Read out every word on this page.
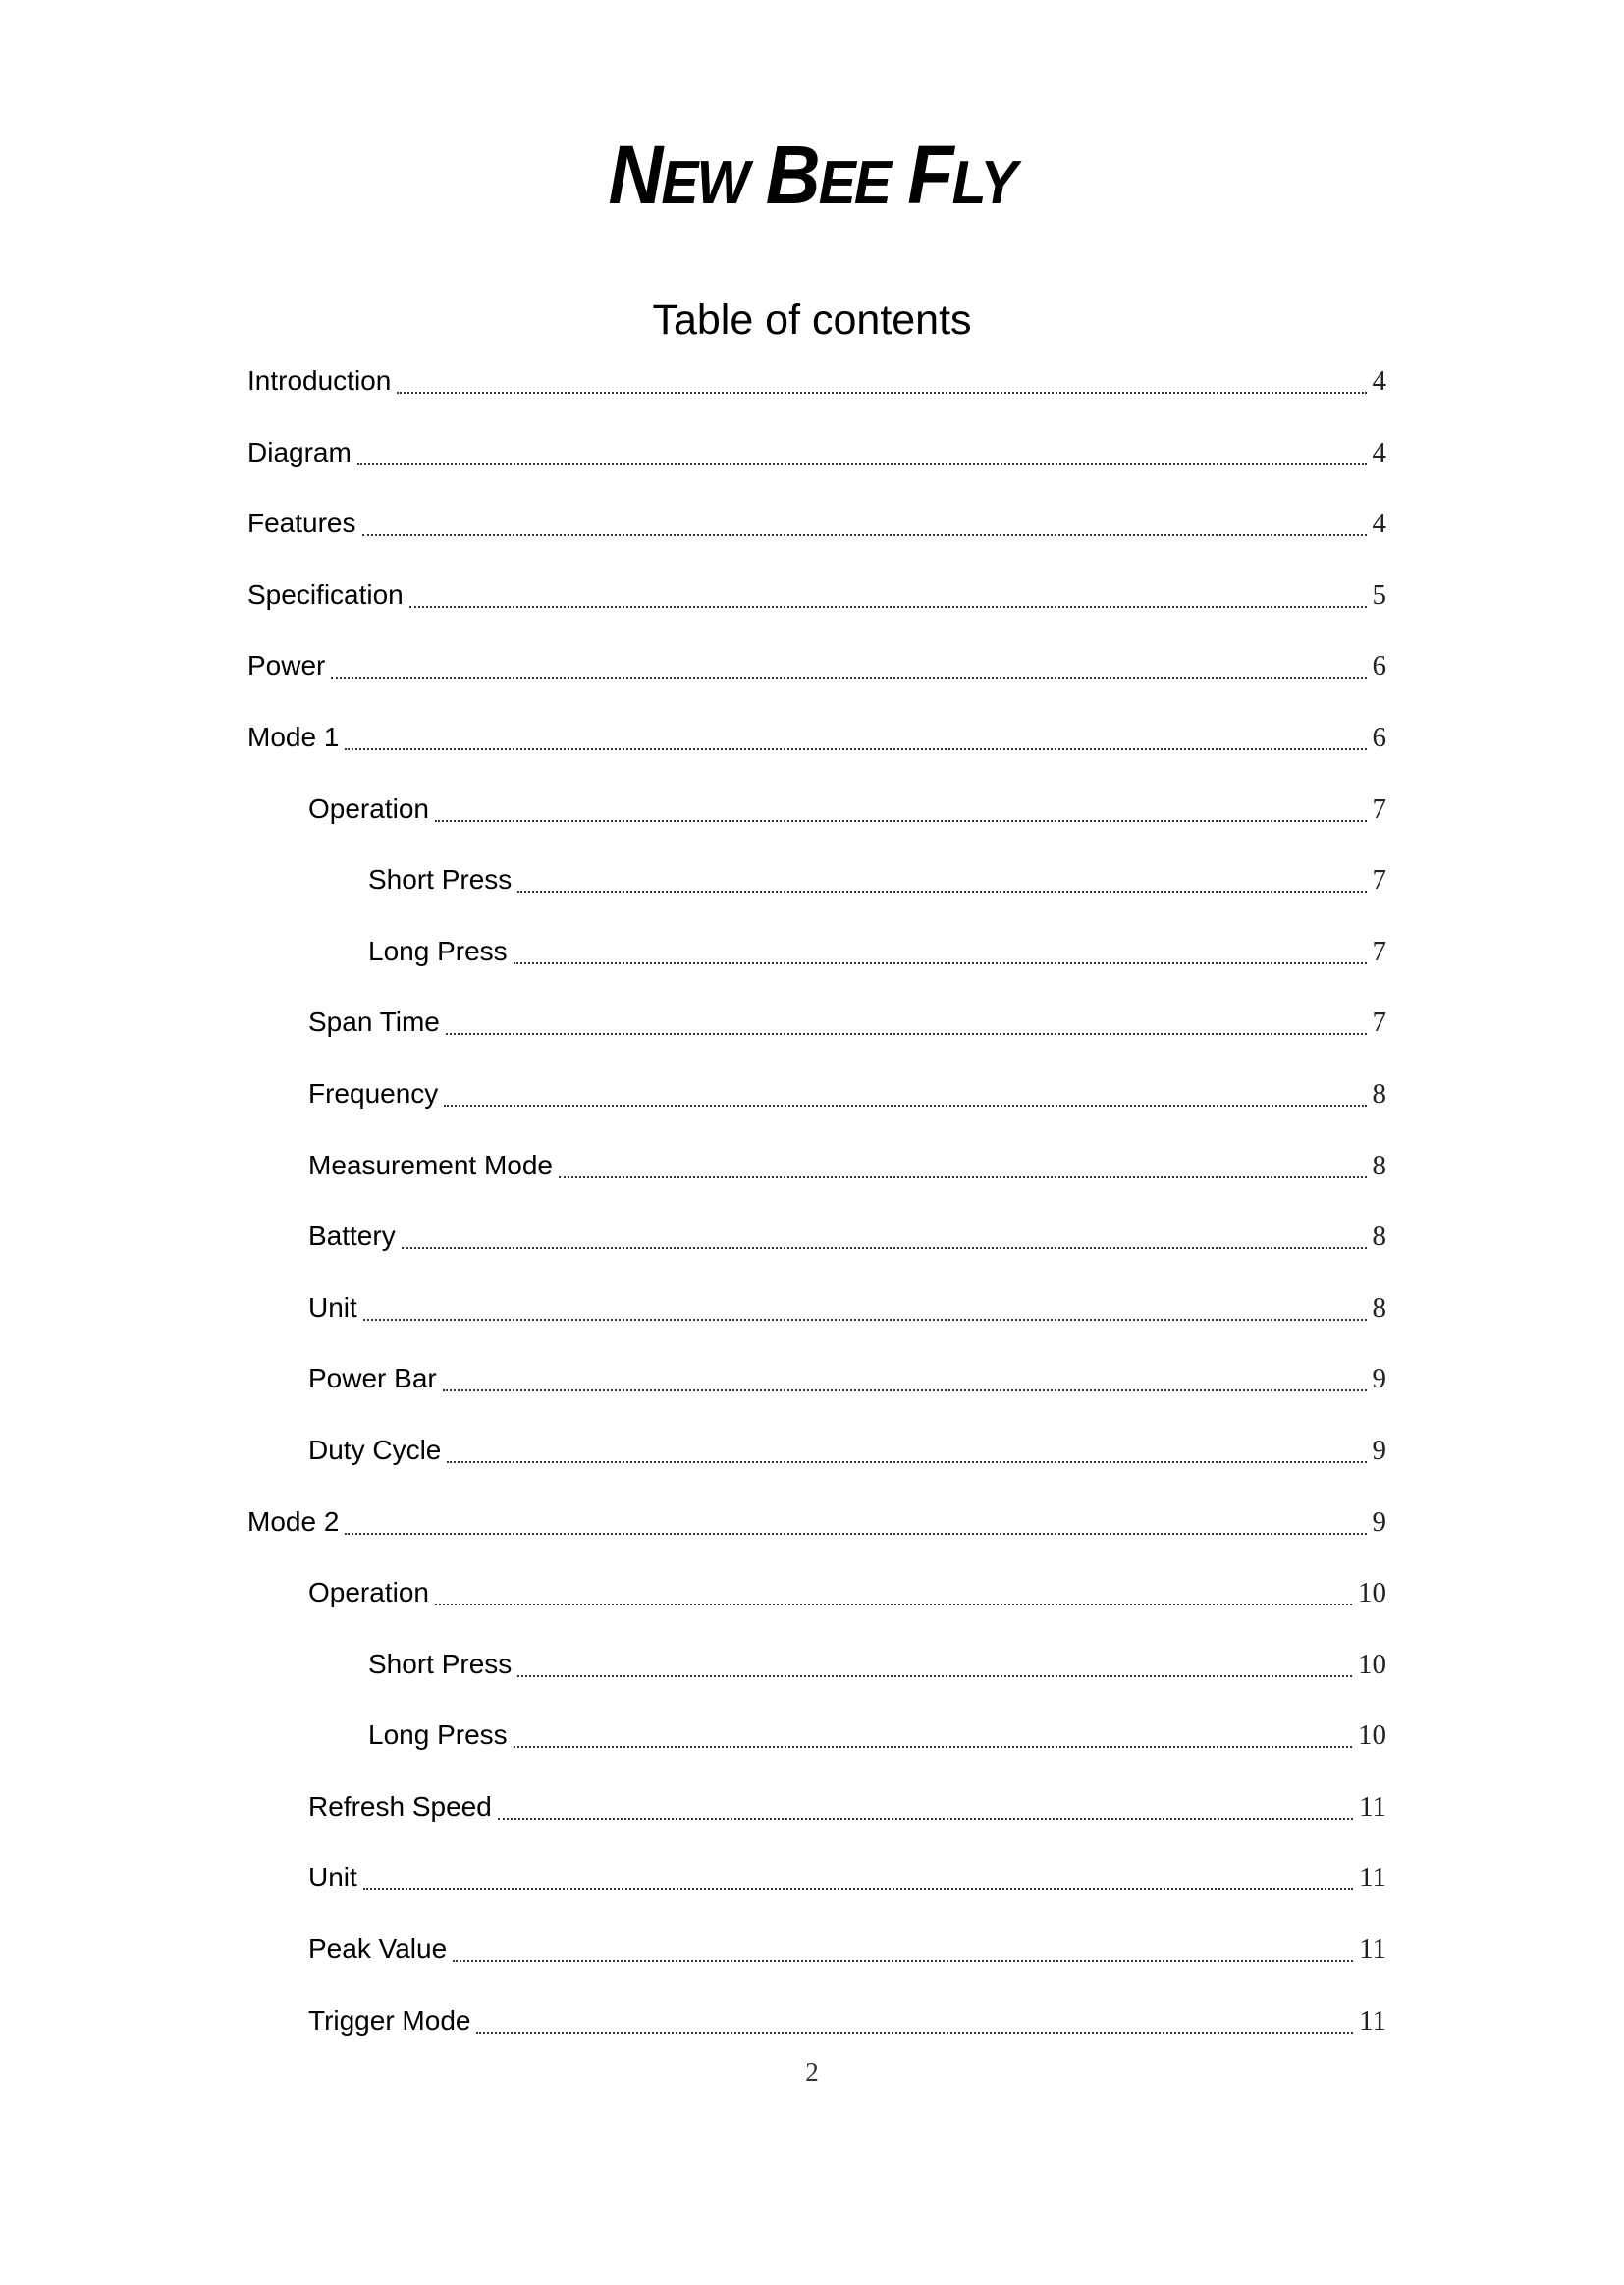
NEW BEE FLY
Table of contents
Introduction	4
Diagram	4
Features	4
Specification	5
Power	6
Mode 1	6
Operation	7
Short Press	7
Long Press	7
Span Time	7
Frequency	8
Measurement Mode	8
Battery	8
Unit	8
Power Bar	9
Duty Cycle	9
Mode 2	9
Operation	10
Short Press	10
Long Press	10
Refresh Speed	11
Unit	11
Peak Value	11
Trigger Mode	11
2
